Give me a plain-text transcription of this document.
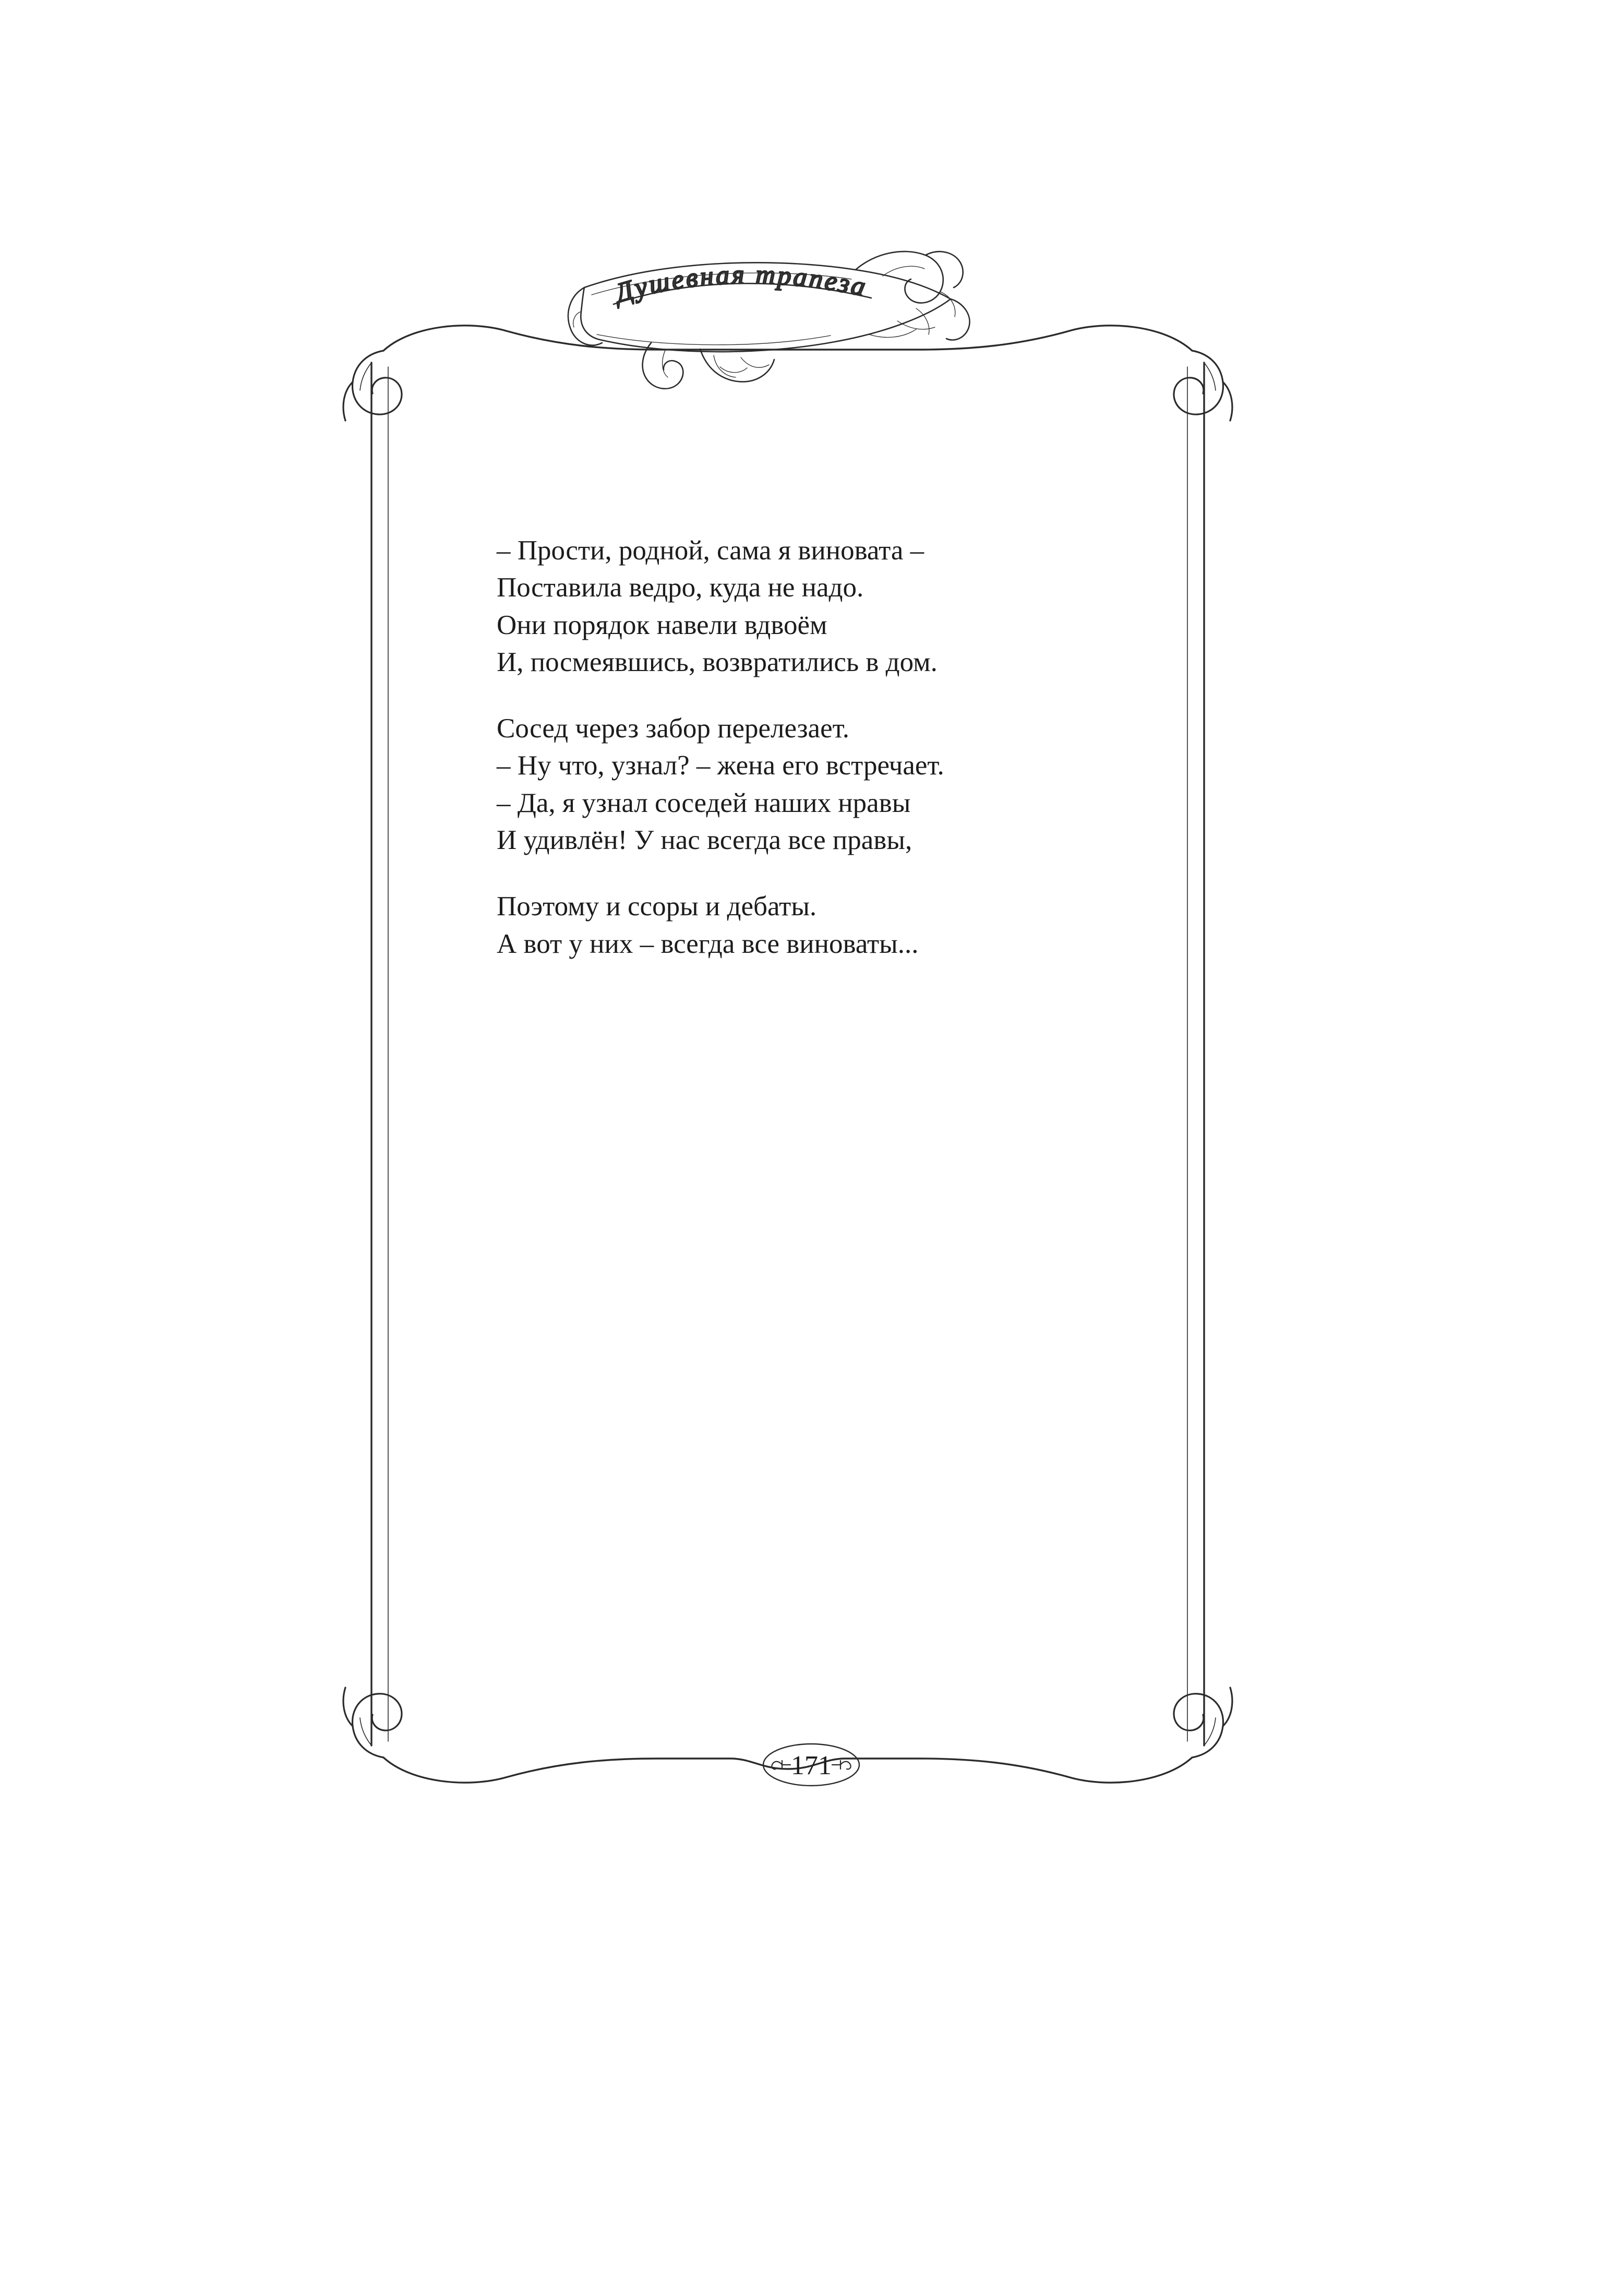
Душевная трапеза
– Прости, родной, сама я виновата –
Поставила ведро, куда не надо.
Они порядок навели вдвоём
И, посмеявшись, возвратились в дом.
Сосед через забор перелезает.
– Ну что, узнал? – жена его встречает.
– Да, я узнал соседей наших нравы
И удивлён! У нас всегда все правы,
Поэтому и ссоры и дебаты.
А вот у них – всегда все виноваты...
171
